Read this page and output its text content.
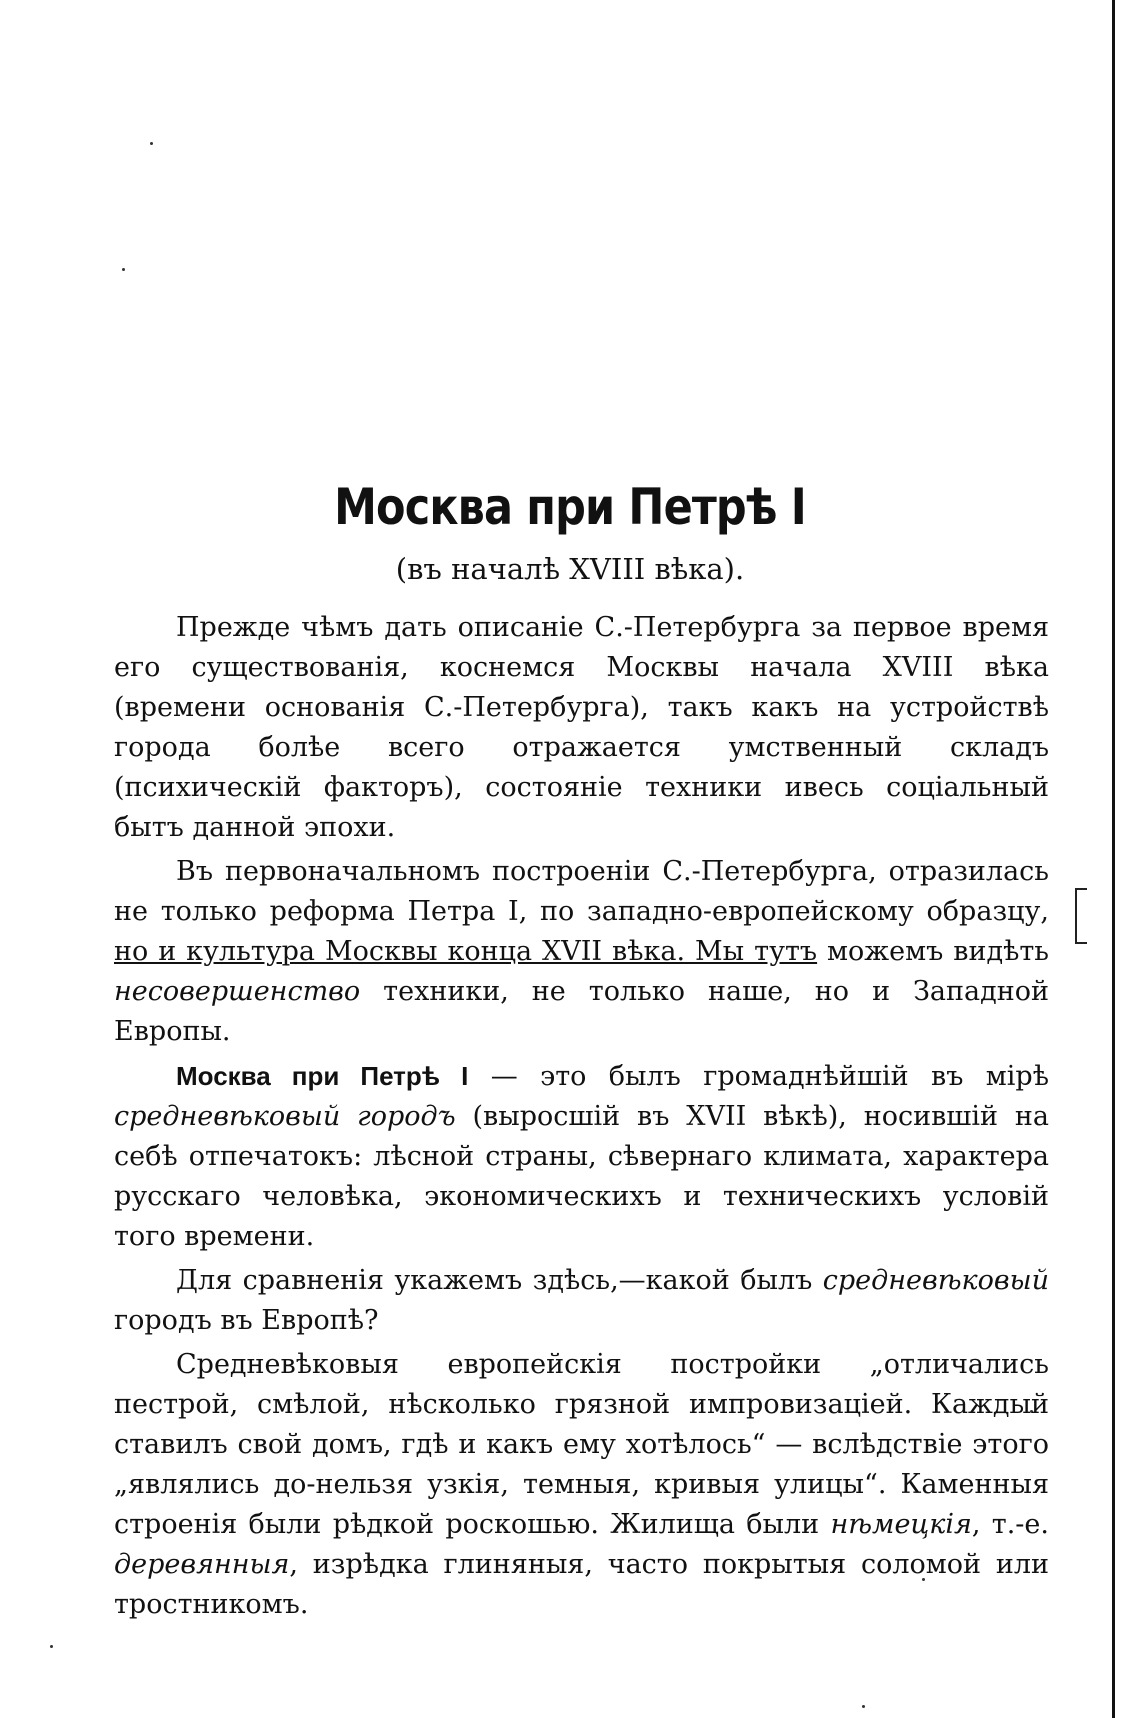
Москва при Петрѣ I
(въ началѣ XVIII вѣка).

Прежде чѣмъ дать описаніе С.-Петербурга за первое время его существованія, коснемся Москвы начала XVIII вѣка (времени основанія С.-Петербурга), такъ какъ на устройствѣ города болѣе всего отражается умственный складъ (психическій факторъ), состояніе техники ивесь соціальный бытъ данной эпохи.

Въ первоначальномъ построеніи С.-Петербурга, отразилась не только реформа Петра I, по западно-европейскому образцу, но и культура Москвы конца XVII вѣка. Мы тутъ можемъ видѣть несовершенство техники, не только наше, но и Западной Европы.

Москва при Петрѣ I — это былъ громаднѣйшій въ мірѣ средневѣковый городъ (выросшій въ XVII вѣкѣ), носившій на себѣ отпечатокъ: лѣсной страны, сѣвернаго климата, характера русскаго человѣка, экономическихъ и техническихъ условій того времени.

Для сравненія укажемъ здѣсь,—какой былъ средневѣковый городъ въ Европѣ?

Средневѣковыя европейскія постройки „отличались пестрой, смѣлой, нѣсколько грязной импровизаціей. Каждый ставилъ свой домъ, гдѣ и какъ ему хотѣлось“ — вслѣдствіе этого „являлись до-нельзя узкія, темныя, кривыя улицы“. Каменныя строенія были рѣдкой роскошью. Жилища были нѣмецкія, т.-е. деревянныя, изрѣдка глиняныя, часто покрытыя соломой или тростникомъ.
